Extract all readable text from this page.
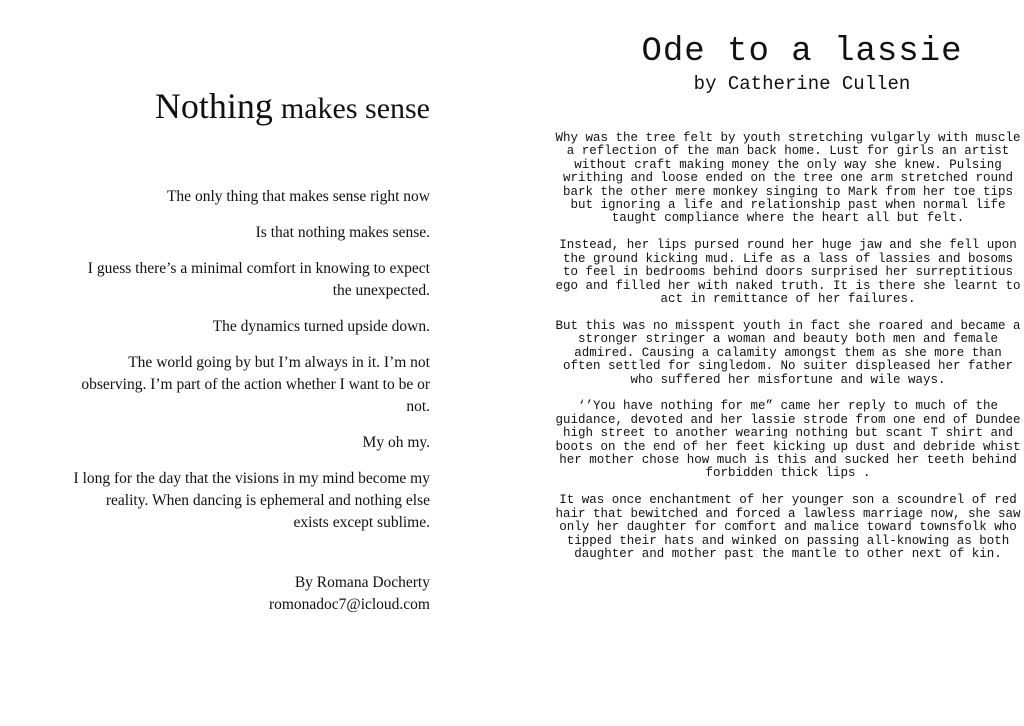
Nothing makes sense

The only thing that makes sense right now

Is that nothing makes sense.

I guess there’s a minimal comfort in knowing to expect the unexpected.

The dynamics turned upside down.

The world going by but I’m always in it. I’m not observing. I’m part of the action whether I want to be or not.

My oh my.

I long for the day that the visions in my mind become my reality. When dancing is ephemeral and nothing else exists except sublime.

By Romana Docherty
romonadoc7@icloud.com
Ode to a lassie
by Catherine Cullen

Why was the tree felt by youth stretching vulgarly with muscle a reflection of the man back home. Lust for girls an artist without craft making money the only way she knew. Pulsing writhing and loose ended on the tree one arm stretched round bark the other mere monkey singing to Mark from her toe tips but ignoring a life and relationship past when normal life taught compliance where the heart all but felt.

Instead, her lips pursed round her huge jaw and she fell upon the ground kicking mud. Life as a lass of lassies and bosoms to feel in bedrooms behind doors surprised her surreptitious ego and filled her with naked truth. It is there she learnt to act in remittance of her failures.

But this was no misspent youth in fact she roared and became a stronger stringer a woman and beauty both men and female admired. Causing a calamity amongst them as she more than often settled for singledom. No suiter displeased her father who suffered her misfortune and wile ways.

‘’You have nothing for me” came her reply to much of the guidance, devoted and her lassie strode from one end of Dundee high street to another wearing nothing but scant T shirt and boots on the end of her feet kicking up dust and debride whist her mother chose how much is this and sucked her teeth behind forbidden thick lips .

It was once enchantment of her younger son a scoundrel of red hair that bewitched and forced a lawless marriage now, she saw only her daughter for comfort and malice toward townsfolk who tipped their hats and winked on passing all-knowing as both daughter and mother past the mantle to other next of kin.
